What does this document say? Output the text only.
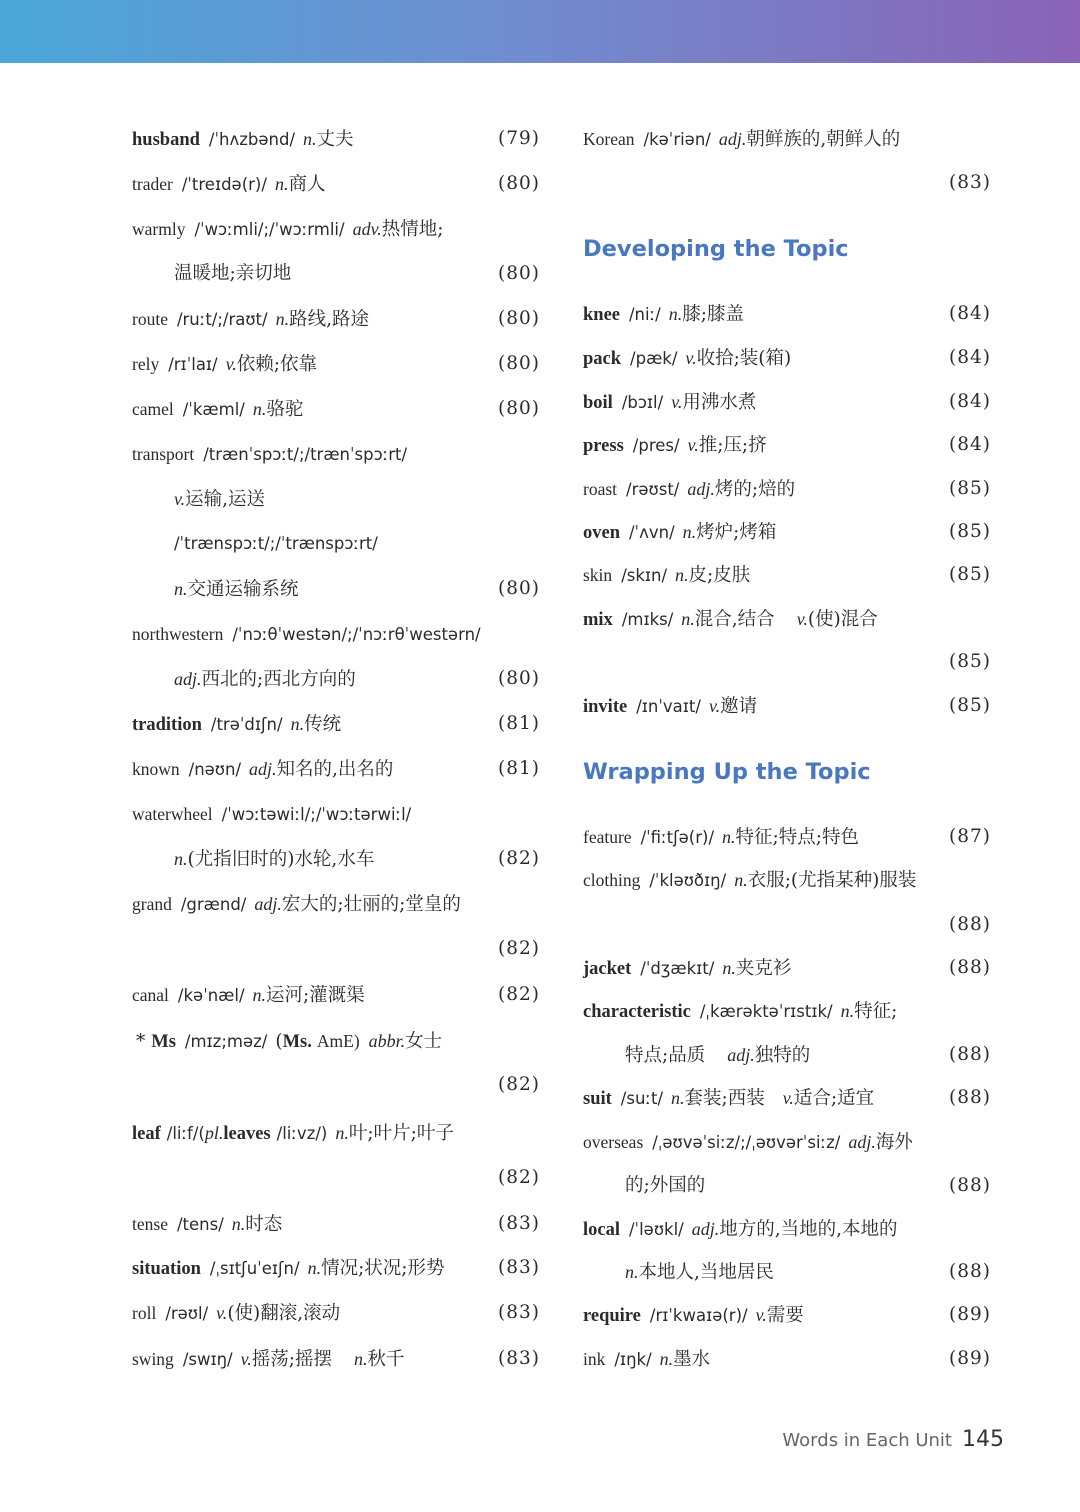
husband /ˈhʌzbənd/ n.丈夫	(79)
trader /ˈtreɪdə(r)/ n.商人	(80)
warmly /ˈwɔːmli/;/ˈwɔːrmli/ adv.热情地;
温暖地;亲切地	(80)
route /ruːt/;/raʊt/ n.路线,路途	(80)
rely /rɪˈlaɪ/ v.依赖;依靠	(80)
camel /ˈkæml/ n.骆驼	(80)
transport /trænˈspɔːt/;/trænˈspɔːrt/
v.运输,运送
/ˈtrænspɔːt/;/ˈtrænspɔːrt/
n.交通运输系统	(80)
northwestern /ˈnɔːθˈwestən/;/ˈnɔːrθˈwestərn/
adj.西北的;西北方向的	(80)
tradition /trəˈdɪʃn/ n.传统	(81)
known /nəʊn/ adj.知名的,出名的	(81)
waterwheel /ˈwɔːtəwiːl/;/ˈwɔːtərwiːl/
n.(尤指旧时的)水轮,水车	(82)
grand /grænd/ adj.宏大的;壮丽的;堂皇的
(82)
canal /kəˈnæl/ n.运河;灌溉渠	(82)
* Ms /mɪz;məz/ (Ms. AmE) abbr.女士
(82)
leaf /liːf/(pl.leaves /liːvz/) n.叶;叶片;叶子
(82)
tense /tens/ n.时态	(83)
situation /ˌsɪtʃuˈeɪʃn/ n.情况;状况;形势	(83)
roll /rəʊl/ v.(使)翻滚,滚动	(83)
swing /swɪŋ/ v.摇荡;摇摆 n.秋千	(83)
Korean /kəˈriən/ adj.朝鲜族的,朝鲜人的
(83)
Developing the Topic
knee /niː/ n.膝;膝盖	(84)
pack /pæk/ v.收拾;装(箱)	(84)
boil /bɔɪl/ v.用沸水煮	(84)
press /pres/ v.推;压;挤	(84)
roast /rəʊst/ adj.烤的;焙的	(85)
oven /ˈʌvn/ n.烤炉;烤箱	(85)
skin /skɪn/ n.皮;皮肤	(85)
mix /mɪks/ n.混合,结合 v.(使)混合
(85)
invite /ɪnˈvaɪt/ v.邀请	(85)
Wrapping Up the Topic
feature /ˈfiːtʃə(r)/ n.特征;特点;特色	(87)
clothing /ˈkləʊðɪŋ/ n.衣服;(尤指某种)服装
(88)
jacket /ˈdʒækɪt/ n.夹克衫	(88)
characteristic /ˌkærəktəˈrɪstɪk/ n.特征;
特点;品质 adj.独特的	(88)
suit /suːt/ n.套装;西装 v.适合;适宜	(88)
overseas /ˌəʊvəˈsiːz/;/ˌəʊvərˈsiːz/ adj.海外
的;外国的	(88)
local /ˈləʊkl/ adj.地方的,当地的,本地的
n.本地人,当地居民	(88)
require /rɪˈkwaɪə(r)/ v.需要	(89)
ink /ɪŋk/ n.墨水	(89)
Words in Each Unit 145
